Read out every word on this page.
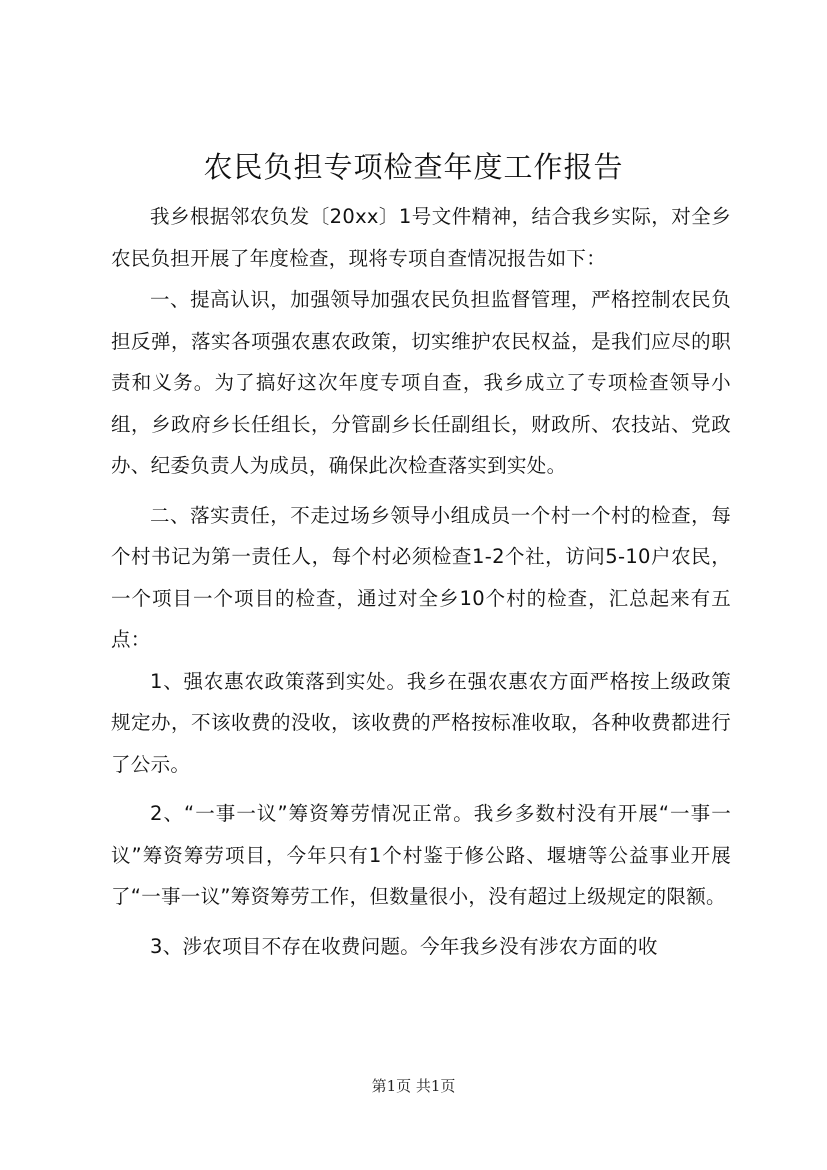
农民负担专项检查年度工作报告

我乡根据邻农负发〔20xx〕1号文件精神，结合我乡实际，对全乡农民负担开展了年度检查，现将专项自查情况报告如下：

一、提高认识，加强领导加强农民负担监督管理，严格控制农民负担反弹，落实各项强农惠农政策，切实维护农民权益，是我们应尽的职责和义务。为了搞好这次年度专项自查，我乡成立了专项检查领导小组，乡政府乡长任组长，分管副乡长任副组长，财政所、农技站、党政办、纪委负责人为成员，确保此次检查落实到实处。

二、落实责任，不走过场乡领导小组成员一个村一个村的检查，每个村书记为第一责任人，每个村必须检查1-2个社，访问5-10户农民，一个项目一个项目的检查，通过对全乡10个村的检查，汇总起来有五点：

1、强农惠农政策落到实处。我乡在强农惠农方面严格按上级政策规定办，不该收费的没收，该收费的严格按标准收取，各种收费都进行了公示。

2、“一事一议”筹资筹劳情况正常。我乡多数村没有开展“一事一议”筹资筹劳项目，今年只有1个村鉴于修公路、堰塘等公益事业开展了“一事一议”筹资筹劳工作，但数量很小，没有超过上级规定的限额。

3、涉农项目不存在收费问题。今年我乡没有涉农方面的收

第1页 共1页
